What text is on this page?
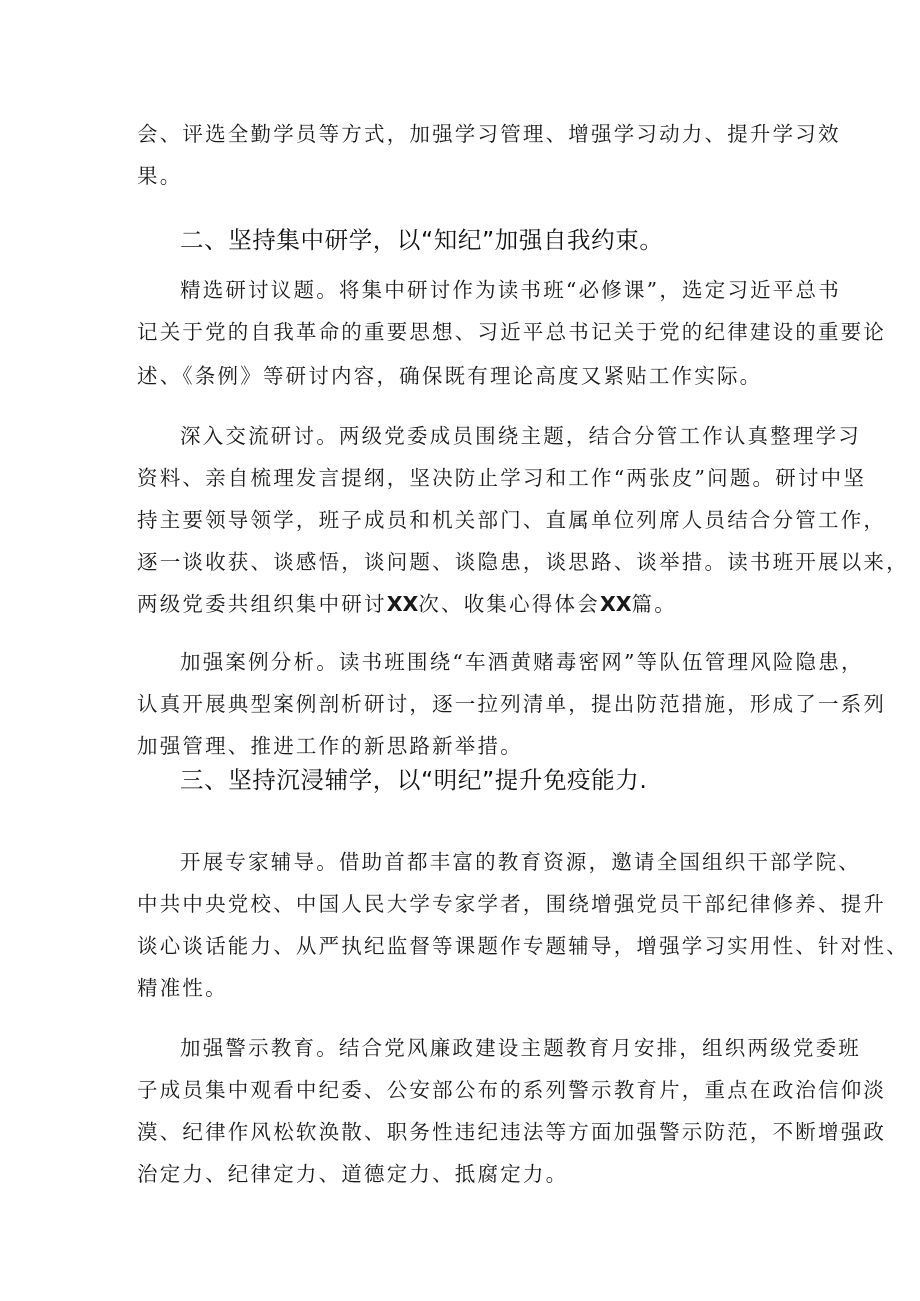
会、评选全勤学员等方式，加强学习管理、增强学习动力、提升学习效
果。
二、坚持集中研学，以“知纪”加强自我约束。
精选研讨议题。将集中研讨作为读书班“必修课”，选定习近平总书
记关于党的自我革命的重要思想、习近平总书记关于党的纪律建设的重要论
述、《条例》等研讨内容，确保既有理论高度又紧贴工作实际。
深入交流研讨。两级党委成员围绕主题，结合分管工作认真整理学习
资料、亲自梳理发言提纲，坚决防止学习和工作“两张皮”问题。研讨中坚
持主要领导领学，班子成员和机关部门、直属单位列席人员结合分管工作，
逐一谈收获、谈感悟，谈问题、谈隐患，谈思路、谈举措。读书班开展以来，
两级党委共组织集中研讨XX次、收集心得体会XX篇。
加强案例分析。读书班围绕“车酒黄赌毒密网”等队伍管理风险隐患，
认真开展典型案例剖析研讨，逐一拉列清单，提出防范措施，形成了一系列
加强管理、推进工作的新思路新举措。
三、坚持沉浸辅学，以“明纪”提升免疫能力.
开展专家辅导。借助首都丰富的教育资源，邀请全国组织干部学院、
中共中央党校、中国人民大学专家学者，围绕增强党员干部纪律修养、提升
谈心谈话能力、从严执纪监督等课题作专题辅导，增强学习实用性、针对性、
精准性。
加强警示教育。结合党风廉政建设主题教育月安排，组织两级党委班
子成员集中观看中纪委、公安部公布的系列警示教育片，重点在政治信仰淡
漠、纪律作风松软涣散、职务性违纪违法等方面加强警示防范，不断增强政
治定力、纪律定力、道德定力、抵腐定力。
